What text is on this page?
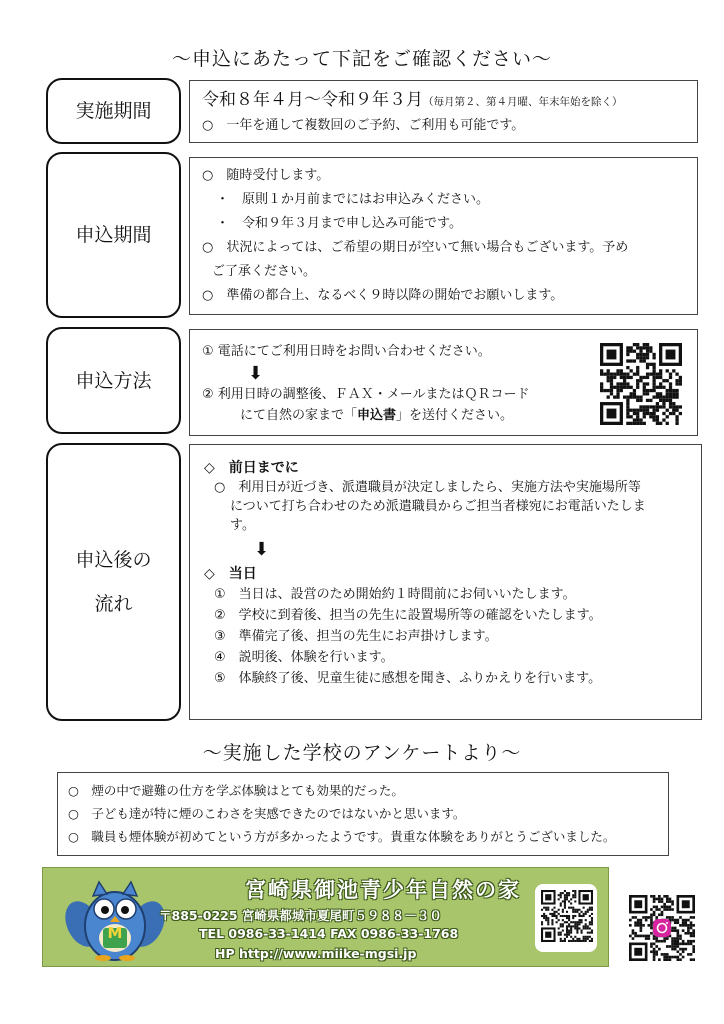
〜申込にあたって下記をご確認ください〜
実施期間	令和８年４月〜令和９年３月（毎月第２、第４月曜、年末年始を除く）
○　一年を通して複数回のご予約、ご利用も可能です。
申込期間
○　随時受付します。
・　原則１か月前までにはお申込みください。
・　令和９年３月まで申し込み可能です。
○　状況によっては、ご希望の期日が空いて無い場合もございます。予め
ご了承ください。
○　準備の都合上、なるべく９時以降の開始でお願いします。
申込方法
① 電話にてご利用日時をお問い合わせください。
⬇
② 利用日時の調整後、ＦＡＸ・メールまたはＱＲコード
にて自然の家まで「申込書」を送付ください。
申込後の
流れ
◇　前日までに
○　利用日が近づき、派遣職員が決定しましたら、実施方法や実施場所等
について打ち合わせのため派遣職員からご担当者様宛にお電話いたしま
す。
⬇
◇　当日
①　当日は、設営のため開始約１時間前にお伺いいたします。
②　学校に到着後、担当の先生に設置場所等の確認をいたします。
③　準備完了後、担当の先生にお声掛けします。
④　説明後、体験を行います。
⑤　体験終了後、児童生徒に感想を聞き、ふりかえりを行います。
〜実施した学校のアンケートより〜
○　煙の中で避難の仕方を学ぶ体験はとても効果的だった。
○　子ども達が特に煙のこわさを実感できたのではないかと思います。
○　職員も煙体験が初めてという方が多かったようです。貴重な体験をありがとうございました。
M
宮崎県御池青少年自然の家
〒885-0225 宮崎県都城市夏尾町５９８８－３０
TEL 0986-33-1414 FAX 0986-33-1768
HP http://www.miike-mgsi.jp
